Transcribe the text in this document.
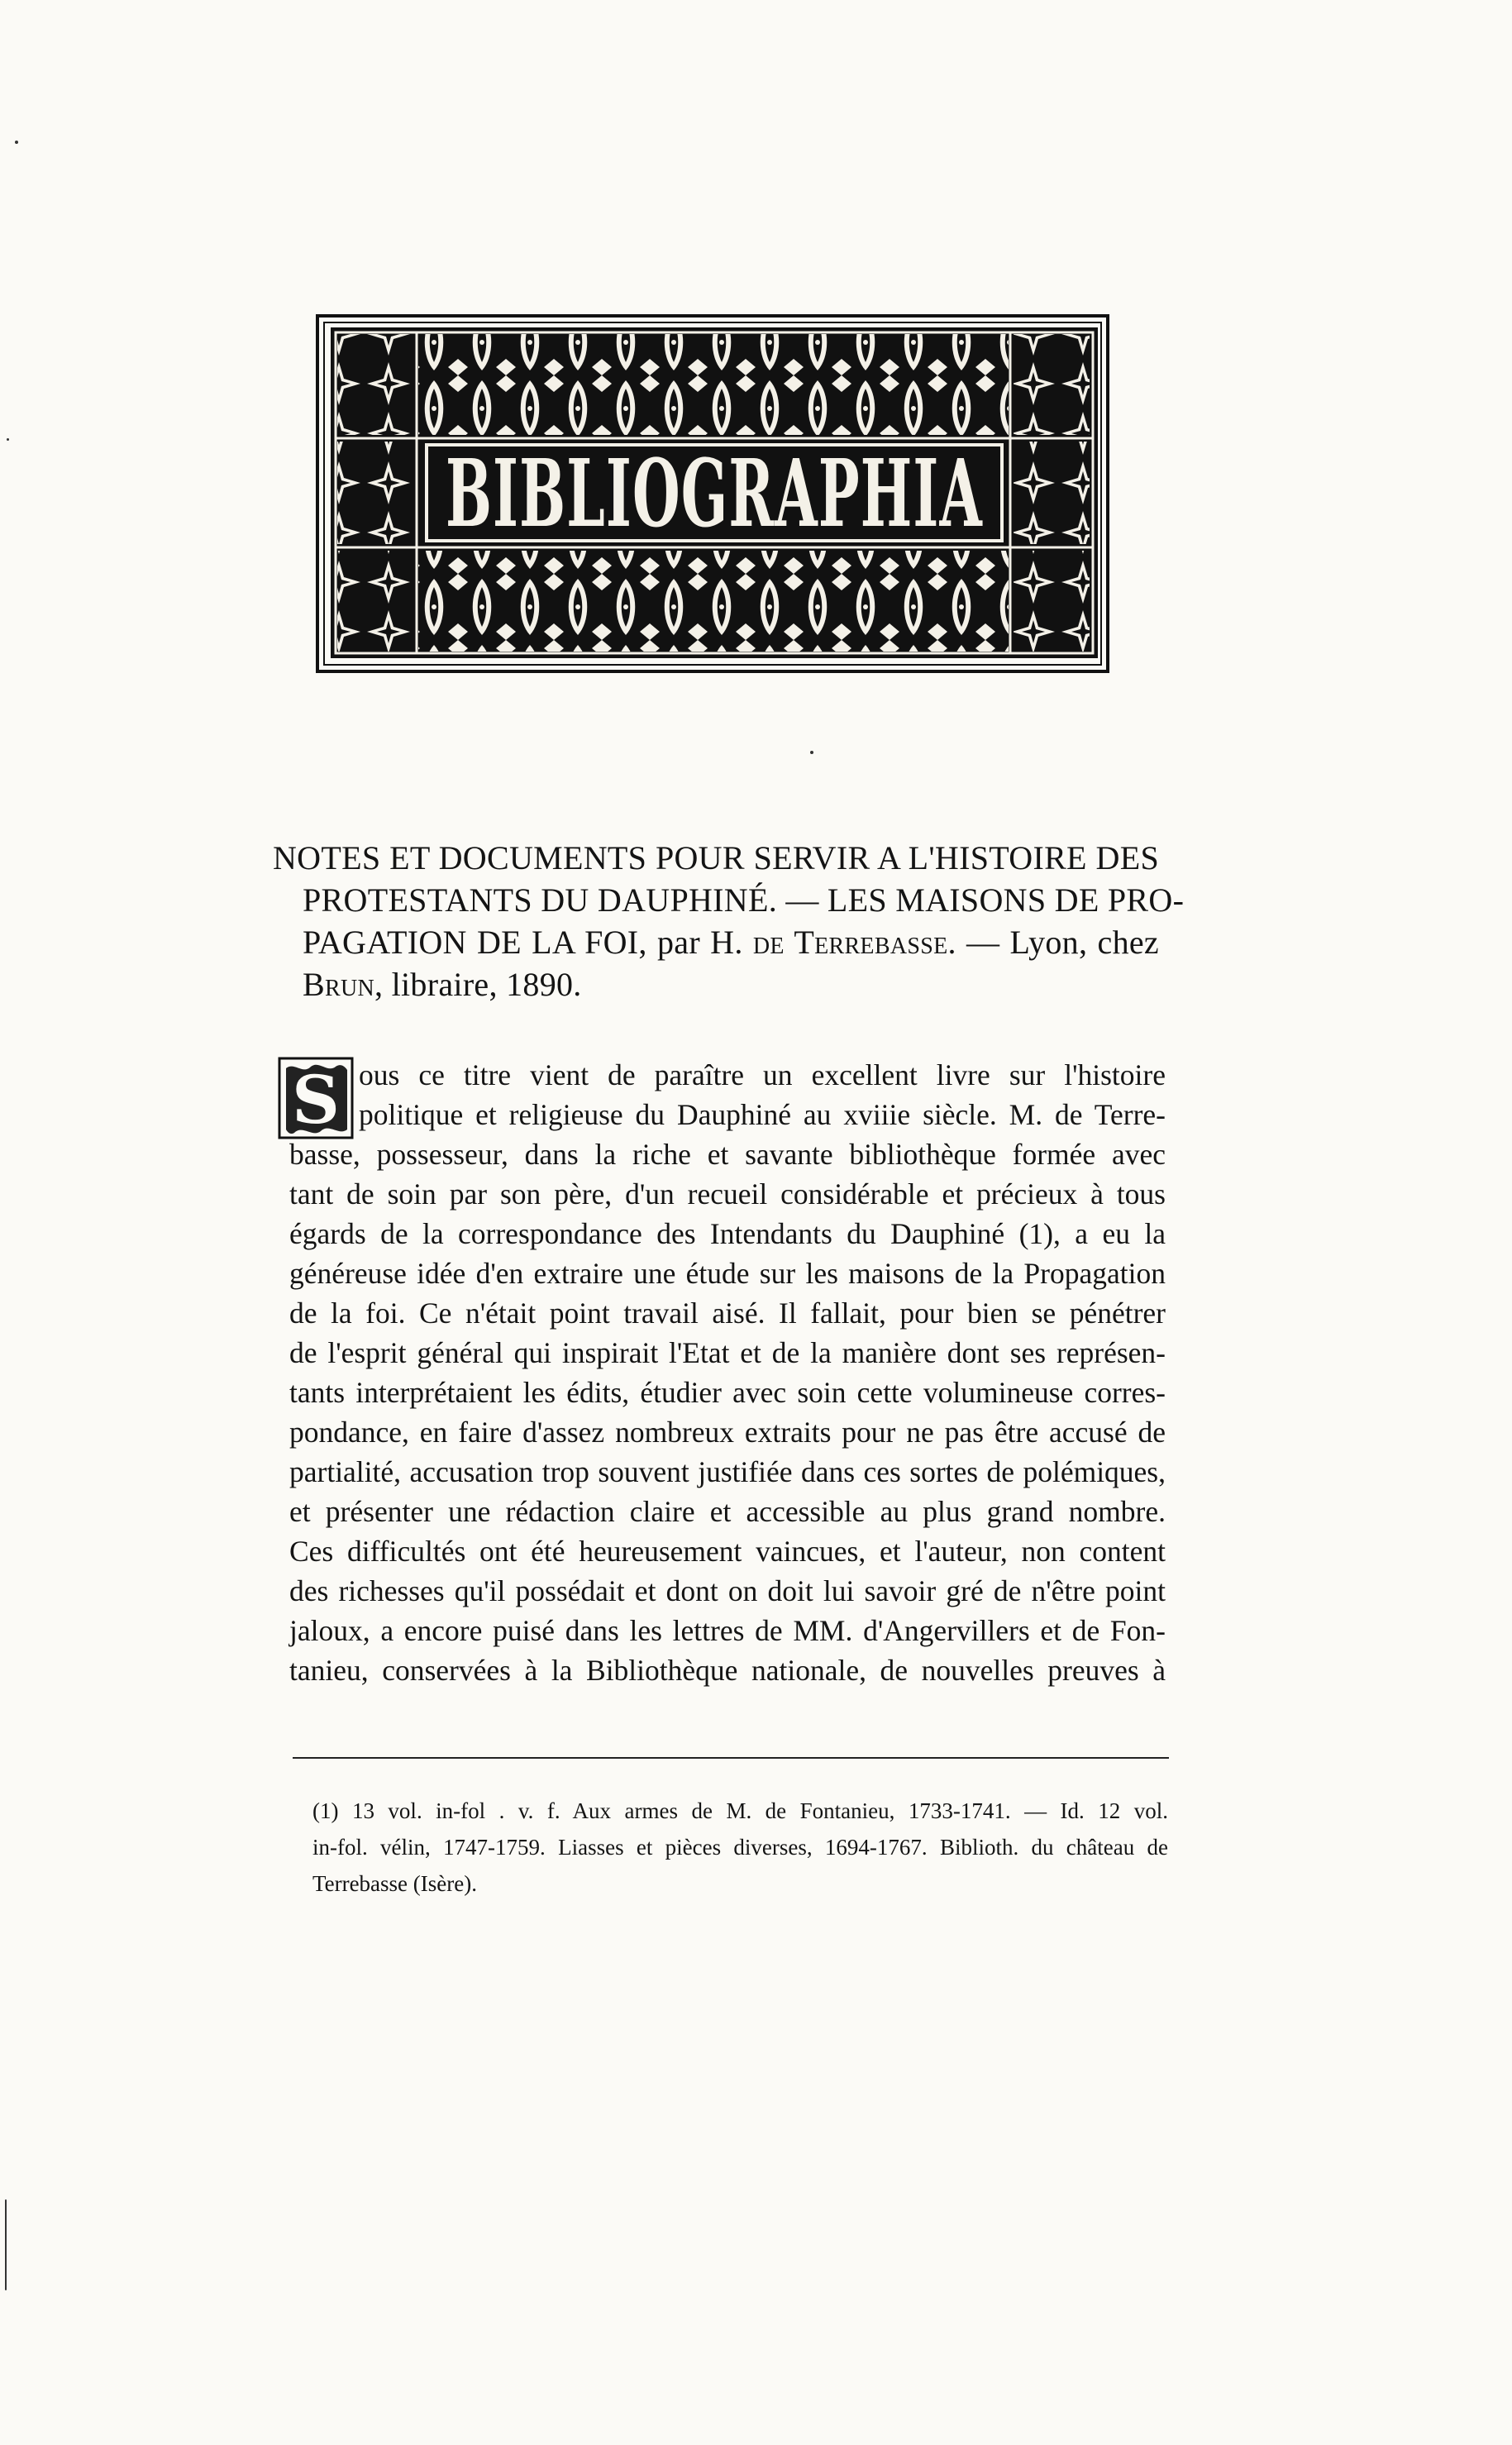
BIBLIOGRAPHIA
NOTES ET DOCUMENTS POUR SERVIR A L'HISTOIRE DES
PROTESTANTS DU DAUPHINÉ. — LES MAISONS DE PRO-
PAGATION DE LA FOI, par H. de Terrebasse. — Lyon, chez
Brun, libraire, 1890.
S ous ce titre vient de paraître un excellent livre sur l'histoire
politique et religieuse du Dauphiné au xviiie siècle. M. de Terre-
basse, possesseur, dans la riche et savante bibliothèque formée avec
tant de soin par son père, d'un recueil considérable et précieux à tous
égards de la correspondance des Intendants du Dauphiné (1), a eu la
généreuse idée d'en extraire une étude sur les maisons de la Propagation
de la foi. Ce n'était point travail aisé. Il fallait, pour bien se pénétrer
de l'esprit général qui inspirait l'Etat et de la manière dont ses représen-
tants interprétaient les édits, étudier avec soin cette volumineuse corres-
pondance, en faire d'assez nombreux extraits pour ne pas être accusé de
partialité, accusation trop souvent justifiée dans ces sortes de polémiques,
et présenter une rédaction claire et accessible au plus grand nombre.
Ces difficultés ont été heureusement vaincues, et l'auteur, non content
des richesses qu'il possédait et dont on doit lui savoir gré de n'être point
jaloux, a encore puisé dans les lettres de MM. d'Angervillers et de Fon-
tanieu, conservées à la Bibliothèque nationale, de nouvelles preuves à
(1) 13 vol. in-fol . v. f. Aux armes de M. de Fontanieu, 1733-1741. — Id. 12 vol.
in-fol. vélin, 1747-1759. Liasses et pièces diverses, 1694-1767. Biblioth. du château de
Terrebasse (Isère).
